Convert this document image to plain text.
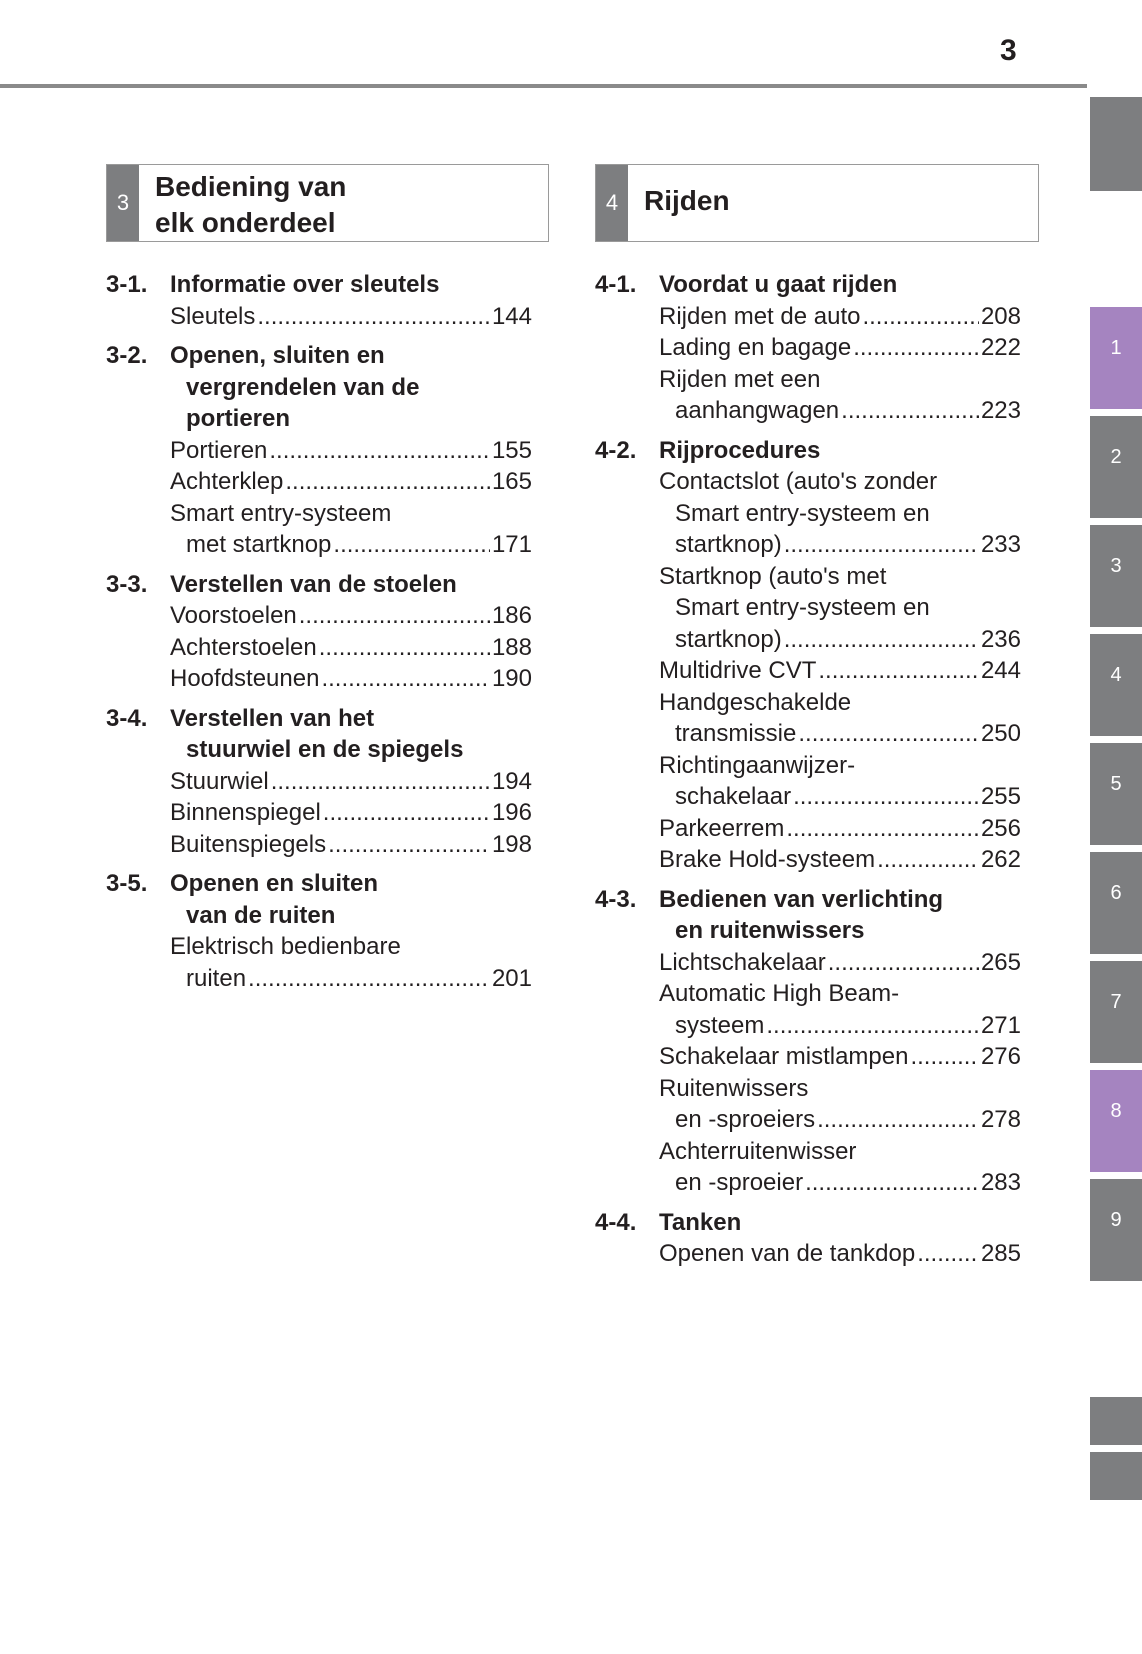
3
1
2
3
4
5
6
7
8
9
3
Bediening van
elk onderdeel
4 Rijden
3-1. Informatie over sleutels
Sleutels .....	144
3-2. Openen, sluiten en
vergrendelen van de
portieren
Portieren .....	155
Achterklep .....	165
Smart entry-systeem
met startknop .....	171
3-3. Verstellen van de stoelen
Voorstoelen .....	186
Achterstoelen .....	188
Hoofdsteunen .....	190
3-4. Verstellen van het
stuurwiel en de spiegels
Stuurwiel .....	194
Binnenspiegel .....	196
Buitenspiegels .....	198
3-5. Openen en sluiten
van de ruiten
Elektrisch bedienbare
ruiten .....	201
4-1. Voordat u gaat rijden
Rijden met de auto .....	208
Lading en bagage .....	222
Rijden met een
aanhangwagen .....	223
4-2. Rijprocedures
Contactslot (auto's zonder
Smart entry-systeem en
startknop) .....	233
Startknop (auto's met
Smart entry-systeem en
startknop) .....	236
Multidrive CVT .....	244
Handgeschakelde
transmissie .....	250
Richtingaanwijzer-
schakelaar .....	255
Parkeerrem .....	256
Brake Hold-systeem .....	262
4-3. Bedienen van verlichting
en ruitenwissers
Lichtschakelaar .....	265
Automatic High Beam-
systeem .....	271
Schakelaar mistlampen .....	276
Ruitenwissers
en -sproeiers .....	278
Achterruitenwisser
en -sproeier .....	283
4-4. Tanken
Openen van de tankdop .....	285
